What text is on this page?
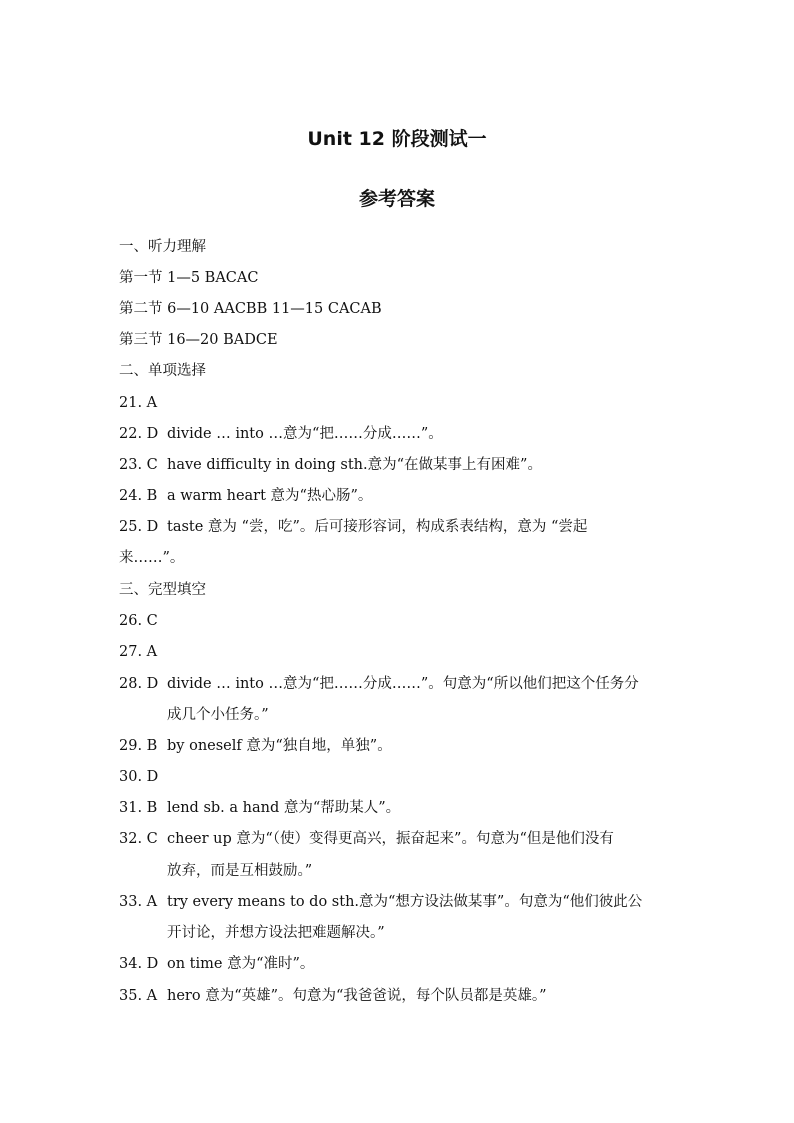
Unit 12 阶段测试一
参考答案
一、听力理解
第一节 1—5 BACAC
第二节 6—10 AACBB 11—15 CACAB
第三节 16—20 BADCE
二、单项选择
21. A
22. D divide … into …意为“把……分成……”。
23. C have difficulty in doing sth.意为“在做某事上有困难”。
24. B a warm heart 意为“热心肠”。
25. D taste 意为 “尝，吃”。后可接形容词，构成系表结构，意为 “尝起
来……”。
三、完型填空
26. C
27. A
28. D divide … into …意为“把……分成……”。句意为“所以他们把这个任务分
成几个小任务。”
29. B by oneself 意为“独自地，单独”。
30. D
31. B lend sb. a hand 意为“帮助某人”。
32. C cheer up 意为“（使）变得更高兴，振奋起来”。句意为“但是他们没有
放弃，而是互相鼓励。”
33. A try every means to do sth.意为“想方设法做某事”。句意为“他们彼此公
开讨论，并想方设法把难题解决。”
34. D on time 意为“准时”。
35. A hero 意为“英雄”。句意为“我爸爸说，每个队员都是英雄。”
